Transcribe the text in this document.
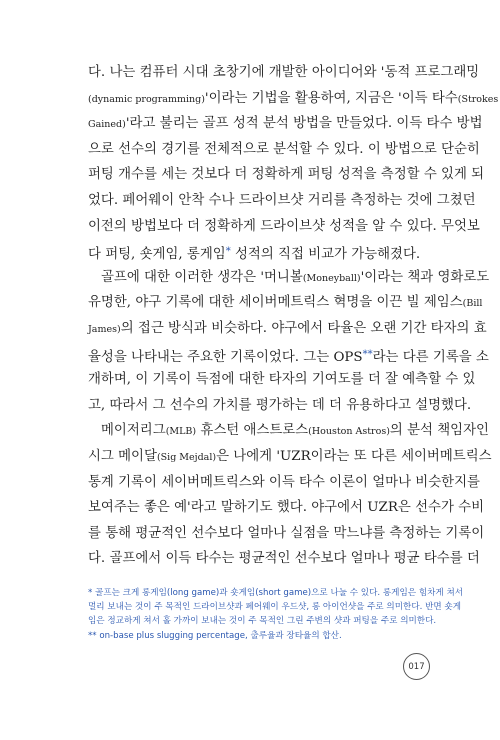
다. 나는 컴퓨터 시대 초창기에 개발한 아이디어와 '동적 프로그래밍
(dynamic programming)'이라는 기법을 활용하여, 지금은 '이득 타수(Strokes
Gained)'라고 불리는 골프 성적 분석 방법을 만들었다. 이득 타수 방법
으로 선수의 경기를 전체적으로 분석할 수 있다. 이 방법으로 단순히
퍼팅 개수를 세는 것보다 더 정확하게 퍼팅 성적을 측정할 수 있게 되
었다. 페어웨이 안착 수나 드라이브샷 거리를 측정하는 것에 그쳤던
이전의 방법보다 더 정확하게 드라이브샷 성적을 알 수 있다. 무엇보
다 퍼팅, 숏게임, 롱게임* 성적의 직접 비교가 가능해졌다.
골프에 대한 이러한 생각은 '머니볼(Moneyball)'이라는 책과 영화로도
유명한, 야구 기록에 대한 세이버메트릭스 혁명을 이끈 빌 제임스(Bill
James)의 접근 방식과 비슷하다. 야구에서 타율은 오랜 기간 타자의 효
율성을 나타내는 주요한 기록이었다. 그는 OPS**라는 다른 기록을 소
개하며, 이 기록이 득점에 대한 타자의 기여도를 더 잘 예측할 수 있
고, 따라서 그 선수의 가치를 평가하는 데 더 유용하다고 설명했다.
메이저리그(MLB) 휴스턴 애스트로스(Houston Astros)의 분석 책임자인
시그 메이달(Sig Mejdal)은 나에게 'UZR이라는 또 다른 세이버메트릭스
통계 기록이 세이버메트릭스와 이득 타수 이론이 얼마나 비슷한지를
보여주는 좋은 예'라고 말하기도 했다. 야구에서 UZR은 선수가 수비
를 통해 평균적인 선수보다 얼마나 실점을 막느냐를 측정하는 기록이
다. 골프에서 이득 타수는 평균적인 선수보다 얼마나 평균 타수를 더
* 골프는 크게 롱게임(long game)과 숏게임(short game)으로 나눌 수 있다. 롱게임은 힘차게 쳐서
멀리 보내는 것이 주 목적인 드라이브샷과 페어웨이 우드샷, 롱 아이언샷을 주로 의미한다. 반면 숏게
임은 정교하게 쳐서 홀 가까이 보내는 것이 주 목적인 그린 주변의 샷과 퍼팅을 주로 의미한다.
** on-base plus slugging percentage, 출루율과 장타율의 합산.
017
